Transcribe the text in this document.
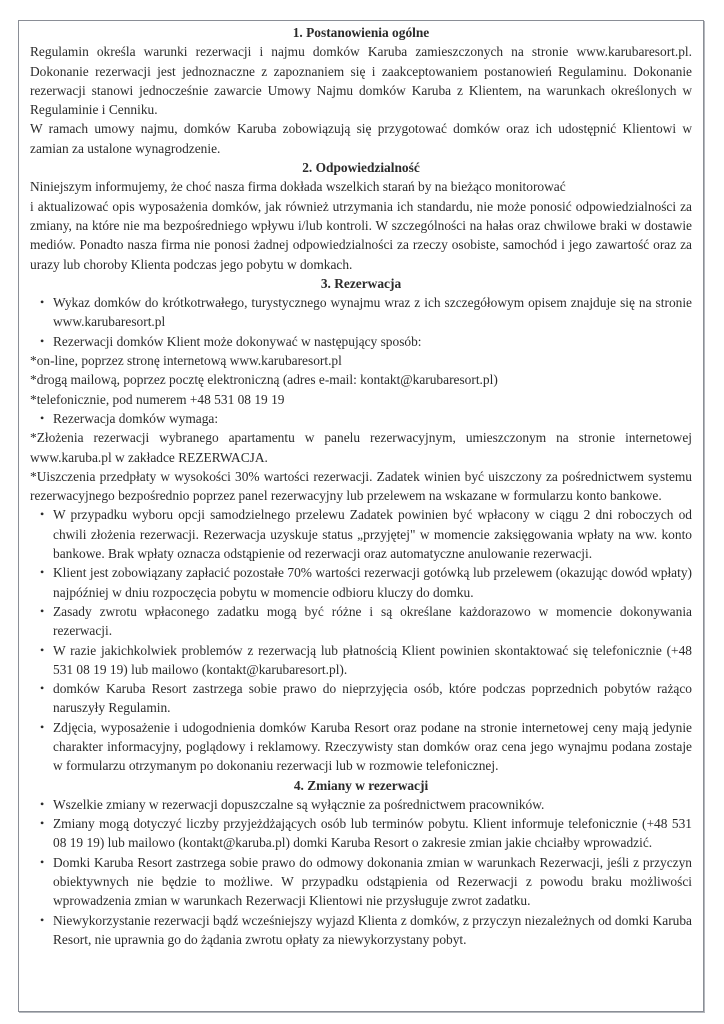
1. Postanowienia ogólne

Regulamin określa warunki rezerwacji i najmu domków Karuba zamieszczonych na stronie www.karubaresort.pl. Dokonanie rezerwacji jest jednoznaczne z zapoznaniem się i zaakceptowaniem postanowień Regulaminu. Dokonanie rezerwacji stanowi jednocześnie zawarcie Umowy Najmu domków Karuba z Klientem, na warunkach określonych w Regulaminie i Cenniku.

W ramach umowy najmu, domków Karuba zobowiązują się przygotować domków oraz ich udostępnić Klientowi w zamian za ustalone wynagrodzenie.

2. Odpowiedzialność

Niniejszym informujemy, że choć nasza firma dokłada wszelkich starań by na bieżąco monitorować

i aktualizować opis wyposażenia domków, jak również utrzymania ich standardu, nie może ponosić odpowiedzialności za zmiany, na które nie ma bezpośredniego wpływu i/lub kontroli. W szczególności na hałas oraz chwilowe braki w dostawie mediów. Ponadto nasza firma nie ponosi żadnej odpowiedzialności za rzeczy osobiste, samochód i jego zawartość oraz za urazy lub choroby Klienta podczas jego pobytu w domkach.

3. Rezerwacja
• Wykaz domków do krótkotrwałego, turystycznego wynajmu wraz z ich szczegółowym opisem znajduje się na stronie www.karubaresort.pl
• Rezerwacji domków Klient może dokonywać w następujący sposób:

*on-line, poprzez stronę internetową www.karubaresort.pl

*drogą mailową, poprzez pocztę elektroniczną (adres e-mail: kontakt@karubaresort.pl)

*telefonicznie, pod numerem +48 531 08 19 19

• Rezerwacja domków wymaga:

*Złożenia rezerwacji wybranego apartamentu w panelu rezerwacyjnym, umieszczonym na stronie internetowej www.karuba.pl w zakładce REZERWACJA.

*Uiszczenia przedpłaty w wysokości 30% wartości rezerwacji. Zadatek winien być uiszczony za pośrednictwem systemu rezerwacyjnego bezpośrednio poprzez panel rezerwacyjny lub przelewem na wskazane w formularzu konto bankowe.

• W przypadku wyboru opcji samodzielnego przelewu Zadatek powinien być wpłacony w ciągu 2 dni roboczych od chwili złożenia rezerwacji. Rezerwacja uzyskuje status „przyjętej" w momencie zaksięgowania wpłaty na ww. konto bankowe. Brak wpłaty oznacza odstąpienie od rezerwacji oraz automatyczne anulowanie rezerwacji.
• Klient jest zobowiązany zapłacić pozostałe 70% wartości rezerwacji gotówką lub przelewem (okazując dowód wpłaty) najpóźniej w dniu rozpoczęcia pobytu w momencie odbioru kluczy do domku.
• Zasady zwrotu wpłaconego zadatku mogą być różne i są określane każdorazowo w momencie dokonywania rezerwacji.
• W razie jakichkolwiek problemów z rezerwacją lub płatnością Klient powinien skontaktować się telefonicznie (+48 531 08 19 19) lub mailowo (kontakt@karubaresort.pl).
• domków Karuba Resort zastrzega sobie prawo do nieprzyjęcia osób, które podczas poprzednich pobytów rażąco naruszyły Regulamin.
• Zdjęcia, wyposażenie i udogodnienia domków Karuba Resort oraz podane na stronie internetowej ceny mają jedynie charakter informacyjny, poglądowy i reklamowy. Rzeczywisty stan domków oraz cena jego wynajmu podana zostaje w formularzu otrzymanym po dokonaniu rezerwacji lub w rozmowie telefonicznej.
4. Zmiany w rezerwacji
• Wszelkie zmiany w rezerwacji dopuszczalne są wyłącznie za pośrednictwem pracowników.
• Zmiany mogą dotyczyć liczby przyjeżdżających osób lub terminów pobytu. Klient informuje telefonicznie (+48 531 08 19 19) lub mailowo (kontakt@karuba.pl) domki Karuba Resort o zakresie zmian jakie chciałby wprowadzić.
• Domki Karuba Resort zastrzega sobie prawo do odmowy dokonania zmian w warunkach Rezerwacji, jeśli z przyczyn obiektywnych nie będzie to możliwe. W przypadku odstąpienia od Rezerwacji z powodu braku możliwości wprowadzenia zmian w warunkach Rezerwacji Klientowi nie przysługuje zwrot zadatku.
• Niewykorzystanie rezerwacji bądź wcześniejszy wyjazd Klienta z domków, z przyczyn niezależnych od domki Karuba Resort, nie uprawnia go do żądania zwrotu opłaty za niewykorzystany pobyt.
